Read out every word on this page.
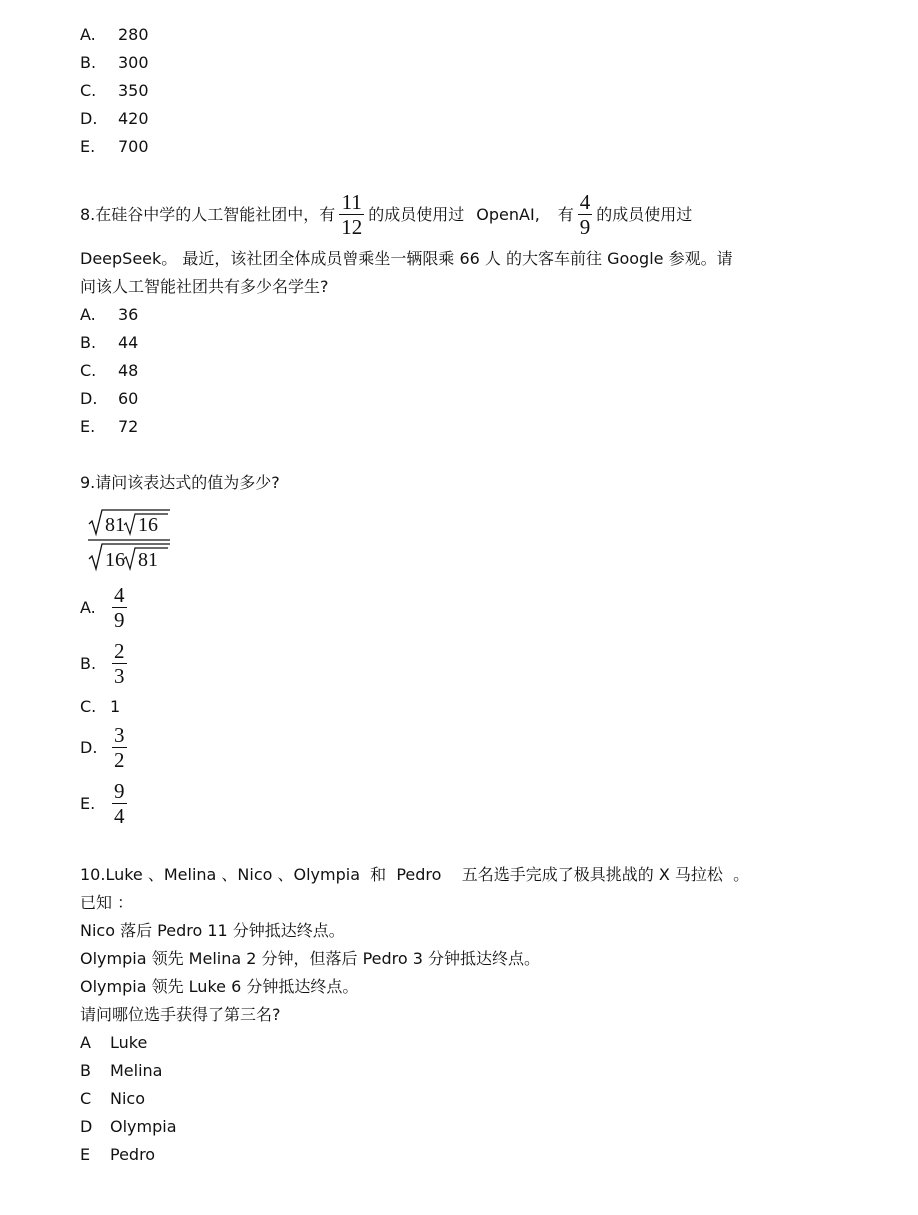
A. 280
B. 300
C. 350
D. 420
E. 700
8.在硅谷中学的人工智能社团中，有 $\frac{11}{12}$ 的成员使用过 OpenAI, 有 $\frac{4}{9}$ 的成员使用过
DeepSeek。 最近，该社团全体成员曾乘坐一辆限乘 66 人 的大客车前往 Google 参观。请
问该人工智能社团共有多少名学生?
A. 36
B. 44
C. 48
D. 60
E. 72
9.请问该表达式的值为多少?
81 16
16 81
A. $\frac{4}{9}$
B. $\frac{2}{3}$
C. 1
D. $\frac{3}{2}$
E. $\frac{9}{4}$
10.Luke 、Melina 、Nico 、Olympia  和  Pedro    五名选手完成了极具挑战的 X 马拉松  。
已知 ：
Nico 落后 Pedro 11 分钟抵达终点。
Olympia 领先 Melina 2 分钟，但落后 Pedro 3 分钟抵达终点。
Olympia 领先 Luke 6 分钟抵达终点。
请问哪位选手获得了第三名?
A Luke
B Melina
C Nico
D Olympia
E Pedro
